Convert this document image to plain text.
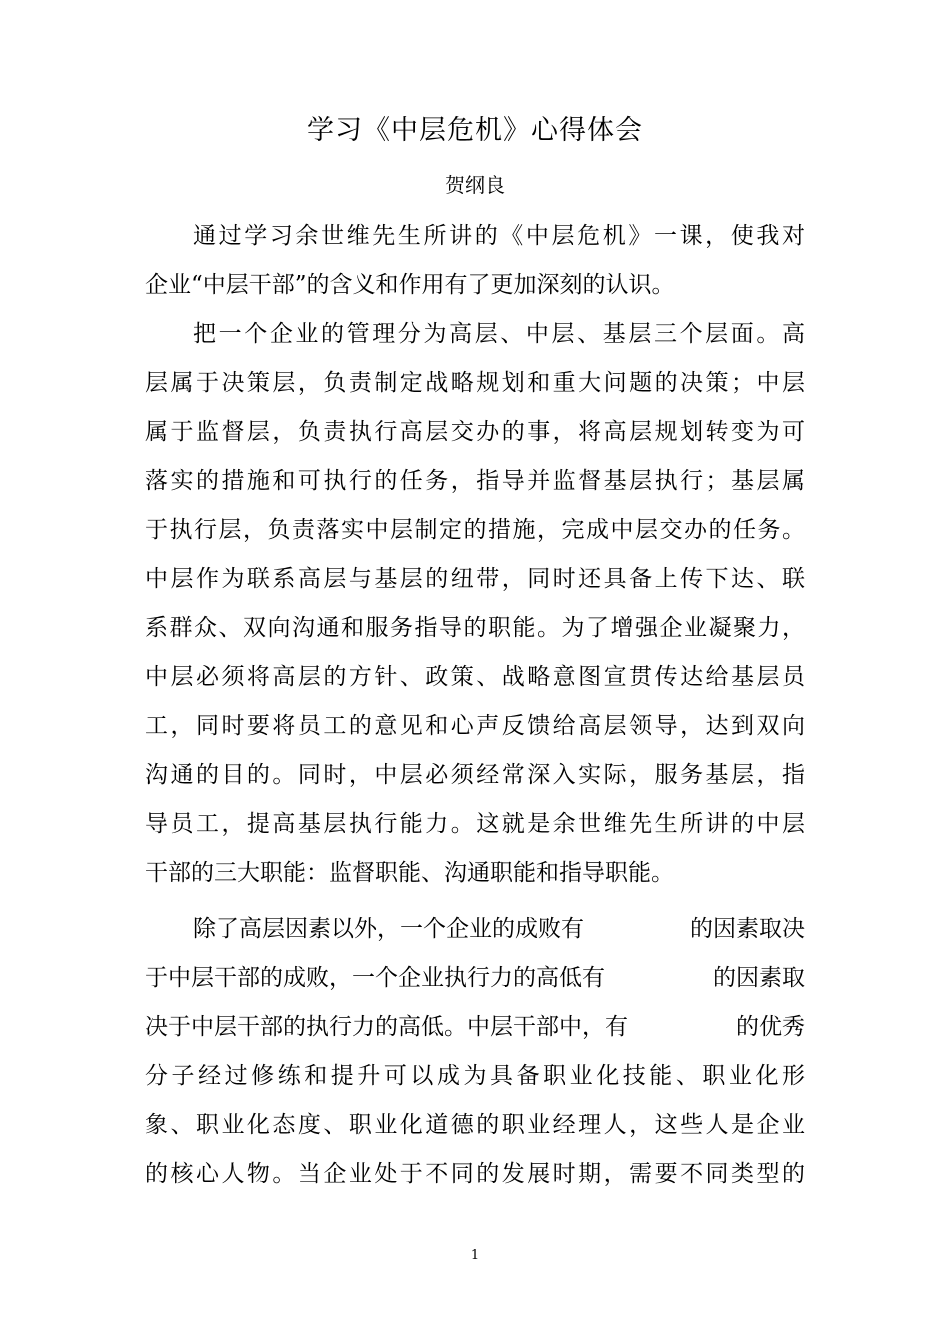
学习《中层危机》心得体会
贺纲良
通过学习余世维先生所讲的《中层危机》一课，使我对
企业“中层干部”的含义和作用有了更加深刻的认识。
把一个企业的管理分为高层、中层、基层三个层面。高
层属于决策层，负责制定战略规划和重大问题的决策；中层
属于监督层，负责执行高层交办的事，将高层规划转变为可
落实的措施和可执行的任务，指导并监督基层执行；基层属
于执行层，负责落实中层制定的措施，完成中层交办的任务。
中层作为联系高层与基层的纽带，同时还具备上传下达、联
系群众、双向沟通和服务指导的职能。为了增强企业凝聚力，
中层必须将高层的方针、政策、战略意图宣贯传达给基层员
工，同时要将员工的意见和心声反馈给高层领导，达到双向
沟通的目的。同时，中层必须经常深入实际，服务基层，指
导员工，提高基层执行能力。这就是余世维先生所讲的中层
干部的三大职能：监督职能、沟通职能和指导职能。
除了高层因素以外，一个企业的成败有	的因素取决
于中层干部的成败，一个企业执行力的高低有	的因素取
决于中层干部的执行力的高低。中层干部中，有	的优秀
分子经过修练和提升可以成为具备职业化技能、职业化形
象、职业化态度、职业化道德的职业经理人，这些人是企业
的核心人物。当企业处于不同的发展时期，需要不同类型的
1
